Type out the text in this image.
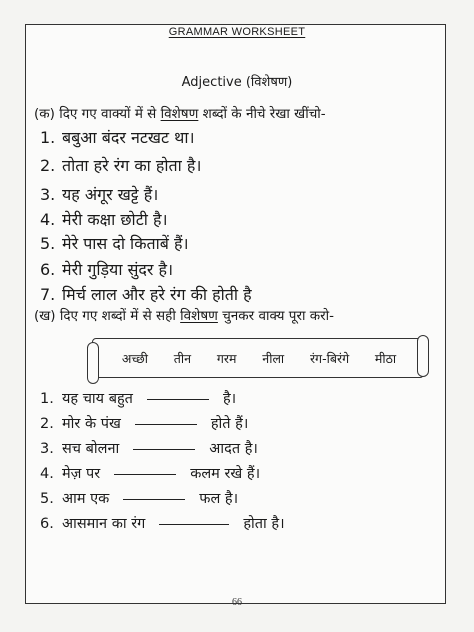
GRAMMAR WORKSHEET
Adjective (विशेषण)
(क) दिए गए वाक्यों में से विशेषण शब्दों के नीचे रेखा खींचो-
1. बबुआ बंदर नटखट था।
2. तोता हरे रंग का होता है।
3. यह अंगूर खट्टे हैं।
4. मेरी कक्षा छोटी है।
5. मेरे पास दो किताबें हैं।
6. मेरी गुड़िया सुंदर है।
7. मिर्च लाल और हरे रंग की होती है
(ख) दिए गए शब्दों में से सही विशेषण चुनकर वाक्य पूरा करो-
अच्छी तीन गरम नीला रंग-बिरंगे मीठा
1. यह चाय बहुत	है।
2. मोर के पंख	होते हैं।
3. सच बोलना	आदत है।
4. मेज़ पर	कलम रखे हैं।
5. आम एक	फल है।
6. आसमान का रंग	होता है।
66
